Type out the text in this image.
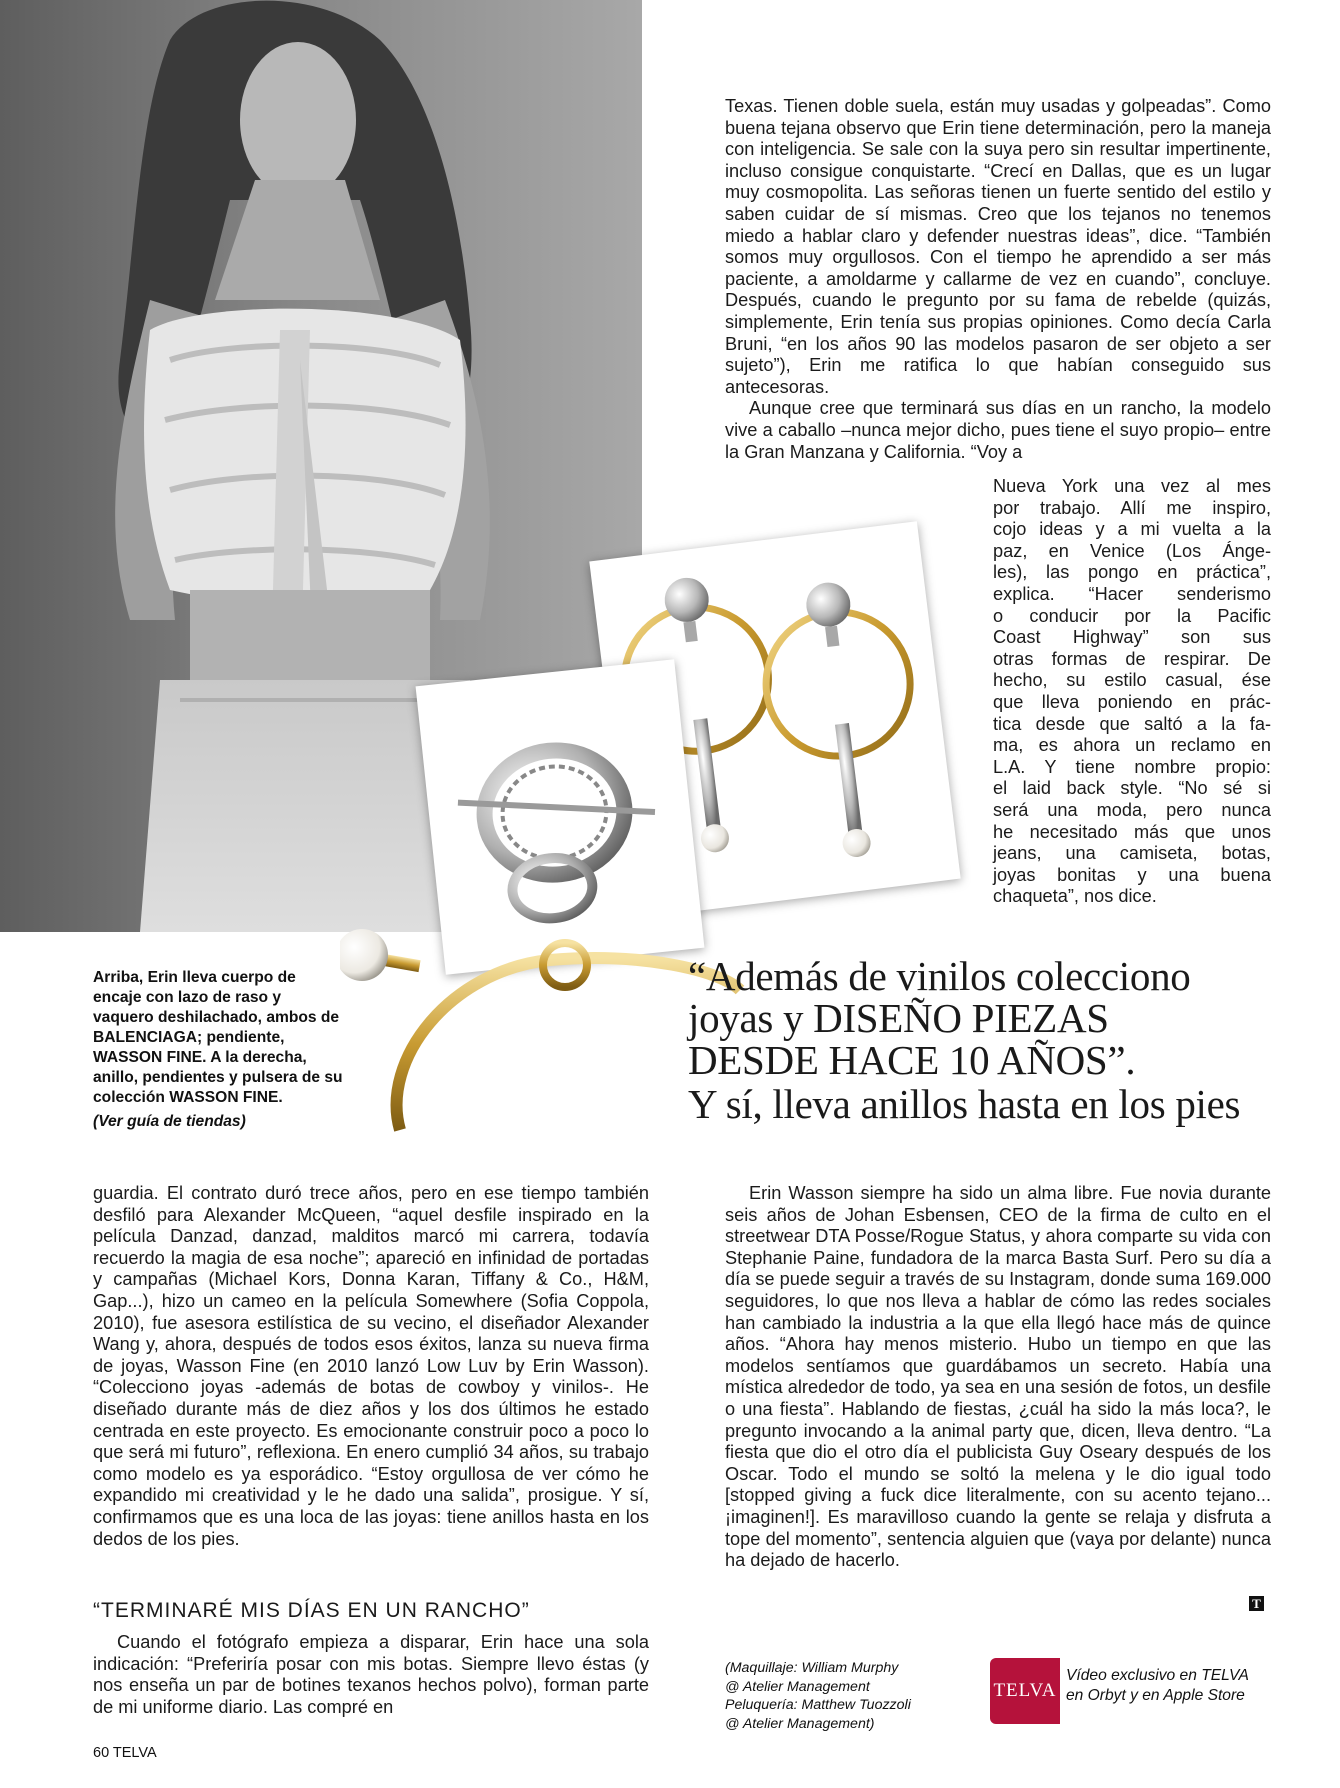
Texas. Tienen doble suela, están muy usadas y golpeadas”. Como buena tejana observo que Erin tiene determinación, pero la maneja con inteligencia. Se sale con la suya pero sin resultar impertinente, incluso consigue conquistarte. “Crecí en Dallas, que es un lugar muy cosmopolita. Las señoras tienen un fuerte sentido del estilo y saben cuidar de sí mismas. Creo que los tejanos no tenemos miedo a hablar claro y defender nuestras ideas”, dice. “También somos muy orgullosos. Con el tiempo he aprendido a ser más paciente, a amoldarme y callarme de vez en cuando”, concluye. Después, cuando le pregunto por su fama de rebelde (quizás, simplemente, Erin tenía sus propias opiniones. Como decía Carla Bruni, “en los años 90 las modelos pasaron de ser objeto a ser sujeto”), Erin me ratifica lo que habían conseguido sus antecesoras.

Aunque cree que terminará sus días en un rancho, la modelo vive a caballo –nunca mejor dicho, pues tiene el suyo propio– entre la Gran Manzana y California. “Voy a

Nueva York una vez al mes
por trabajo. Allí me inspiro,
cojo ideas y a mi vuelta a la
paz, en Venice (Los Ánge-
les), las pongo en práctica”,
explica. “Hacer senderismo
o conducir por la Pacific
Coast Highway” son sus
otras formas de respirar. De
hecho, su estilo casual, ése
que lleva poniendo en prác-
tica desde que saltó a la fa-
ma, es ahora un reclamo en
L.A. Y tiene nombre propio:
el laid back style. “No sé si
será una moda, pero nunca
he necesitado más que unos
jeans, una camiseta, botas,
joyas bonitas y una buena
chaqueta”, nos dice.
Arriba, Erin lleva cuerpo de encaje con lazo de raso y vaquero deshilachado, ambos de BALENCIAGA; pendiente, WASSON FINE. A la derecha, anillo, pendientes y pulsera de su colección WASSON FINE.
(Ver guía de tiendas)
“Además de vinilos colecciono
joyas y DISEÑO PIEZAS
DESDE HACE 10 AÑOS”.
Y sí, lleva anillos hasta en los pies

guardia. El contrato duró trece años, pero en ese tiempo también desfiló para Alexander McQueen, “aquel desfile inspirado en la película Danzad, danzad, malditos marcó mi carrera, todavía recuerdo la magia de esa noche”; apareció en infinidad de portadas y campañas (Michael Kors, Donna Karan, Tiffany & Co., H&M, Gap...), hizo un cameo en la película Somewhere (Sofia Coppola, 2010), fue asesora estilística de su vecino, el diseñador Alexander Wang y, ahora, después de todos esos éxitos, lanza su nueva firma de joyas, Wasson Fine (en 2010 lanzó Low Luv by Erin Wasson). “Colecciono joyas -además de botas de cowboy y vinilos-. He diseñado durante más de diez años y los dos últimos he estado centrada en este proyecto. Es emocionante construir poco a poco lo que será mi futuro”, reflexiona. En enero cumplió 34 años, su trabajo como modelo es ya esporádico. “Estoy orgullosa de ver cómo he expandido mi creatividad y le he dado una salida”, prosigue. Y sí, confirmamos que es una loca de las joyas: tiene anillos hasta en los dedos de los pies.

“TERMINARÉ MIS DÍAS EN UN RANCHO”

Cuando el fotógrafo empieza a disparar, Erin hace una sola indicación: “Preferiría posar con mis botas. Siempre llevo éstas (y nos enseña un par de botines texanos hechos polvo), forman parte de mi uniforme diario. Las compré en

Erin Wasson siempre ha sido un alma libre. Fue novia durante seis años de Johan Esbensen, CEO de la firma de culto en el streetwear DTA Posse/Rogue Status, y ahora comparte su vida con Stephanie Paine, fundadora de la marca Basta Surf. Pero su día a día se puede seguir a través de su Instagram, donde suma 169.000 seguidores, lo que nos lleva a hablar de cómo las redes sociales han cambiado la industria a la que ella llegó hace más de quince años. “Ahora hay menos misterio. Hubo un tiempo en que las modelos sentíamos que guardábamos un secreto. Había una mística alrededor de todo, ya sea en una sesión de fotos, un desfile o una fiesta”. Hablando de fiestas, ¿cuál ha sido la más loca?, le pregunto invocando a la animal party que, dicen, lleva dentro. “La fiesta que dio el otro día el publicista Guy Oseary después de los Oscar. Todo el mundo se soltó la melena y le dio igual todo [stopped giving a fuck dice literalmente, con su acento tejano... ¡imaginen!]. Es maravilloso cuando la gente se relaja y disfruta a tope del momento”, sentencia alguien que (vaya por delante) nunca ha dejado de hacerlo.

T
(Maquillaje: William Murphy
@ Atelier Management
Peluquería: Matthew Tuozzoli
@ Atelier Management)
TELVA
Vídeo exclusivo en TELVA
en Orbyt y en Apple Store
60 TELVA
